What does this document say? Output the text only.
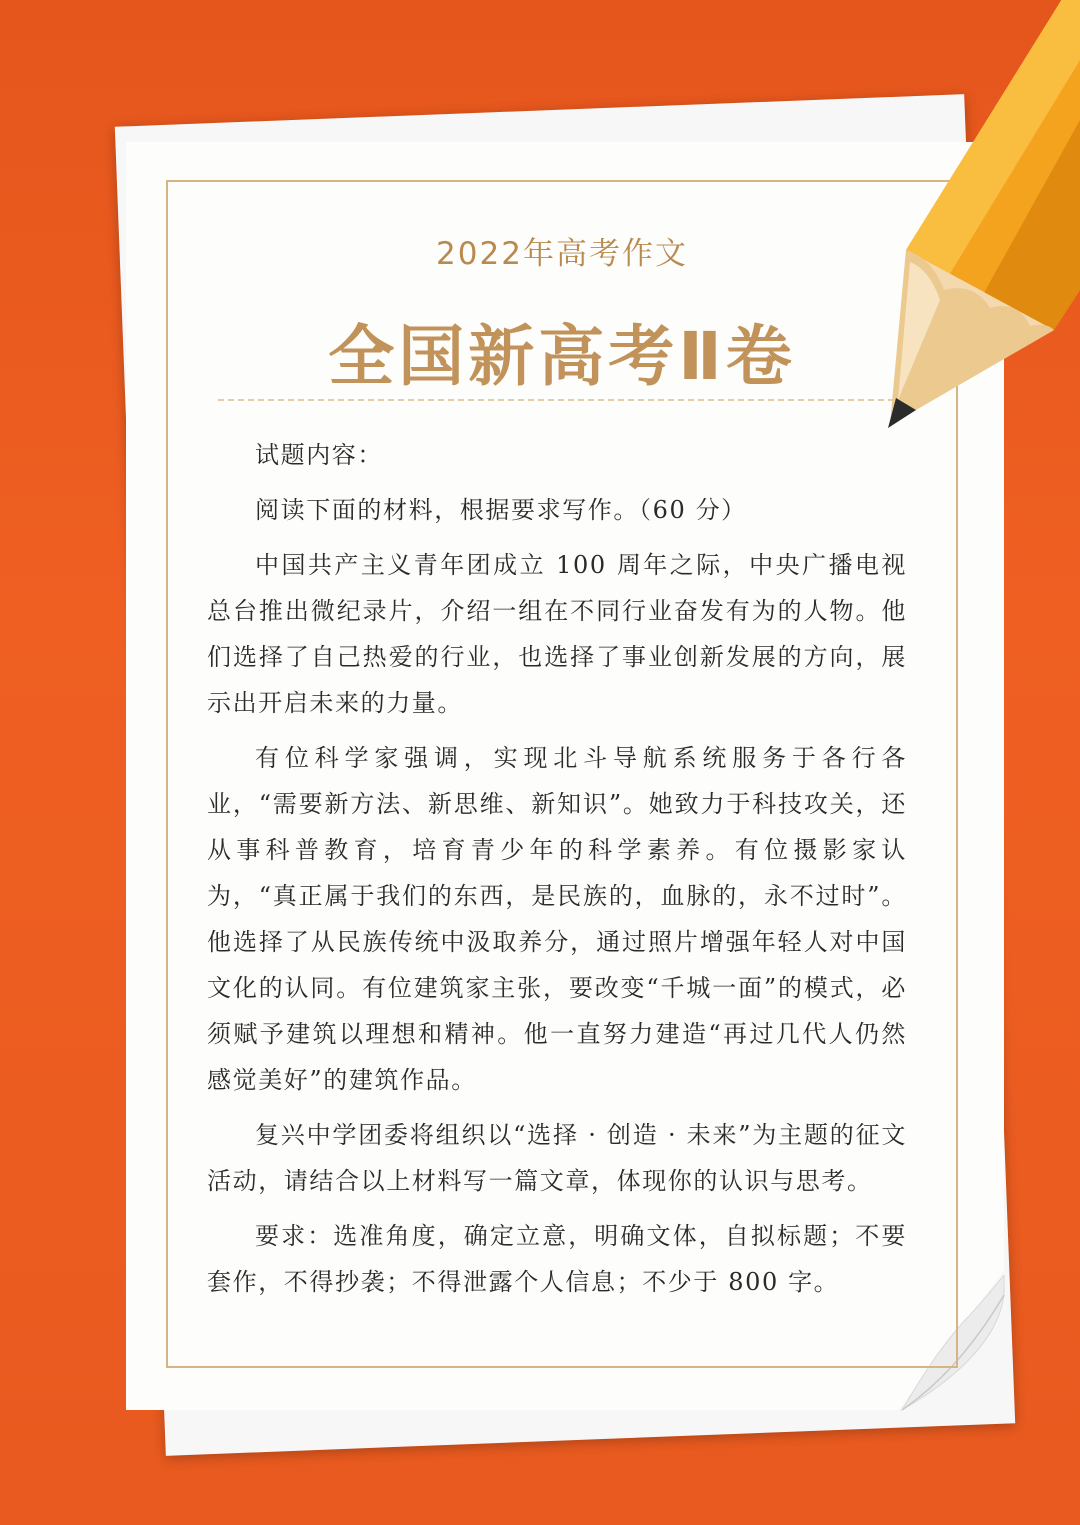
2022年高考作文
全国新高考Ⅱ卷

试题内容：

阅读下面的材料，根据要求写作。（60 分）

中国共产主义青年团成立 100 周年之际，中央广播电视总台推出微纪录片，介绍一组在不同行业奋发有为的人物。他们选择了自己热爱的行业，也选择了事业创新发展的方向，展示出开启未来的力量。

有位科学家强调，实现北斗导航系统服务于各行各业，“需要新方法、新思维、新知识”。她致力于科技攻关，还从事科普教育，培育青少年的科学素养。有位摄影家认为，“真正属于我们的东西，是民族的，血脉的，永不过时”。他选择了从民族传统中汲取养分，通过照片增强年轻人对中国文化的认同。有位建筑家主张，要改变“千城一面”的模式，必须赋予建筑以理想和精神。他一直努力建造“再过几代人仍然感觉美好”的建筑作品。

复兴中学团委将组织以“选择 · 创造 · 未来”为主题的征文活动，请结合以上材料写一篇文章，体现你的认识与思考。

要求：选准角度，确定立意，明确文体，自拟标题；不要套作，不得抄袭；不得泄露个人信息；不少于 800 字。
